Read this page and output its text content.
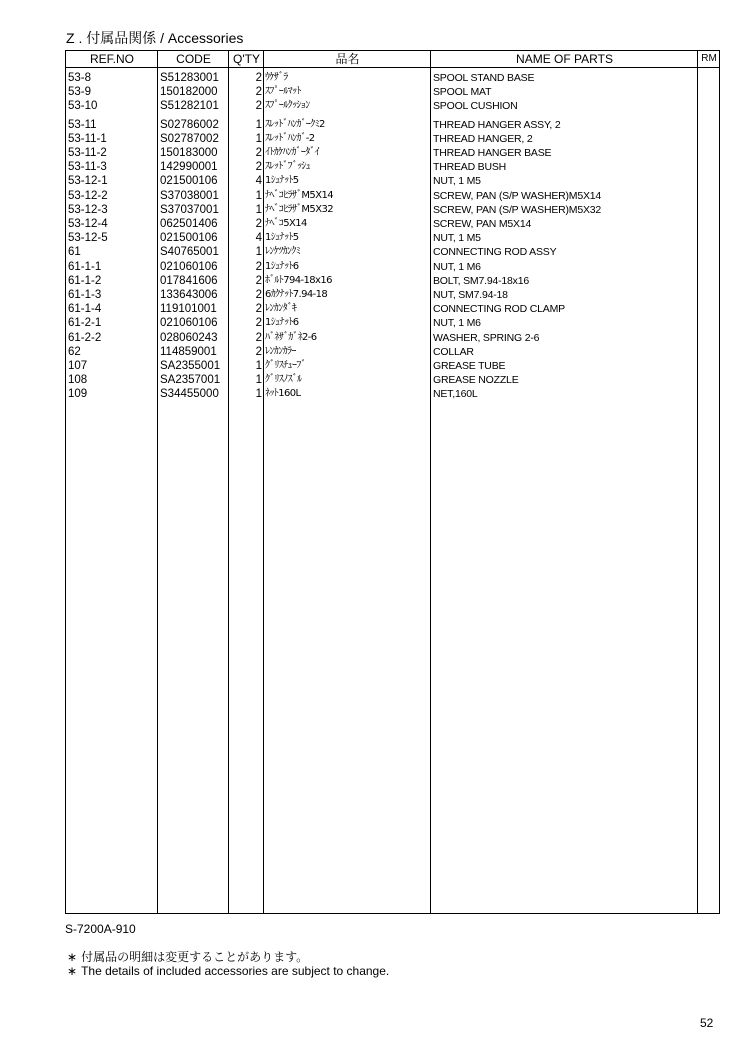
Z . 付属品関係 / Accessories
REF.NO	CODE	Q'TY	品名	NAME OF PARTS	RM
53-8	S51283001	2 ｳｹｻﾞﾗ	SPOOL STAND BASE
53-9	150182000	2 ｽﾌﾟｰﾙﾏｯﾄ	SPOOL MAT
53-10	S51282101	2 ｽﾌﾟｰﾙｸｯｼｮﾝ	SPOOL CUSHION
53-11	S02786002	1 ｽﾚｯﾄﾞﾊﾝｶﾞｰｸﾐ2	THREAD HANGER ASSY, 2
53-11-1	S02787002	1 ｽﾚｯﾄﾞﾊﾝｶﾞ-2	THREAD HANGER, 2
53-11-2	150183000	2 ｲﾄｶｹﾊﾝｶﾞｰﾀﾞｲ	THREAD HANGER BASE
53-11-3	142990001	2 ｽﾚｯﾄﾞﾌﾞｯｼｭ	THREAD BUSH
53-12-1	021500106	4 1ｼｭﾅｯﾄ5	NUT, 1 M5
53-12-2	S37038001	1 ﾅﾍﾞｺﾋﾗｻﾞM5X14	SCREW, PAN (S/P WASHER)M5X14
53-12-3	S37037001	1 ﾅﾍﾞｺﾋﾗｻﾞM5X32	SCREW, PAN (S/P WASHER)M5X32
53-12-4	062501406	2 ﾅﾍﾞｺ5X14	SCREW, PAN M5X14
53-12-5	021500106	4 1ｼｭﾅｯﾄ5	NUT, 1 M5
61	S40765001	1 ﾚﾝｹﾂｶﾝｸﾐ	CONNECTING ROD ASSY
61-1-1	021060106	2 1ｼｭﾅｯﾄ6	NUT, 1 M6
61-1-2	017841606	2 ﾎﾞﾙﾄ794-18x16	BOLT, SM7.94-18x16
61-1-3	133643006	2 6ｶｸﾅｯﾄ7.94-18	NUT, SM7.94-18
61-1-4	119101001	2 ﾚﾝｶﾝﾀﾞｷ	CONNECTING ROD CLAMP
61-2-1	021060106	2 1ｼｭﾅｯﾄ6	NUT, 1 M6
61-2-2	028060243	2 ﾊﾞﾈｻﾞｶﾞﾈ2-6	WASHER, SPRING 2-6
62	114859001	2 ﾚﾝｶﾝｶﾗｰ	COLLAR
107	SA2355001	1 ｸﾞﾘｽﾁｭｰﾌﾞ	GREASE TUBE
108	SA2357001	1 ｸﾞﾘｽﾉｽﾞﾙ	GREASE NOZZLE
109	S34455000	1 ﾈｯﾄ160L	NET,160L
S-7200A-910
∗ 付属品の明細は変更することがあります。
∗ The details of included accessories are subject to change.
52
